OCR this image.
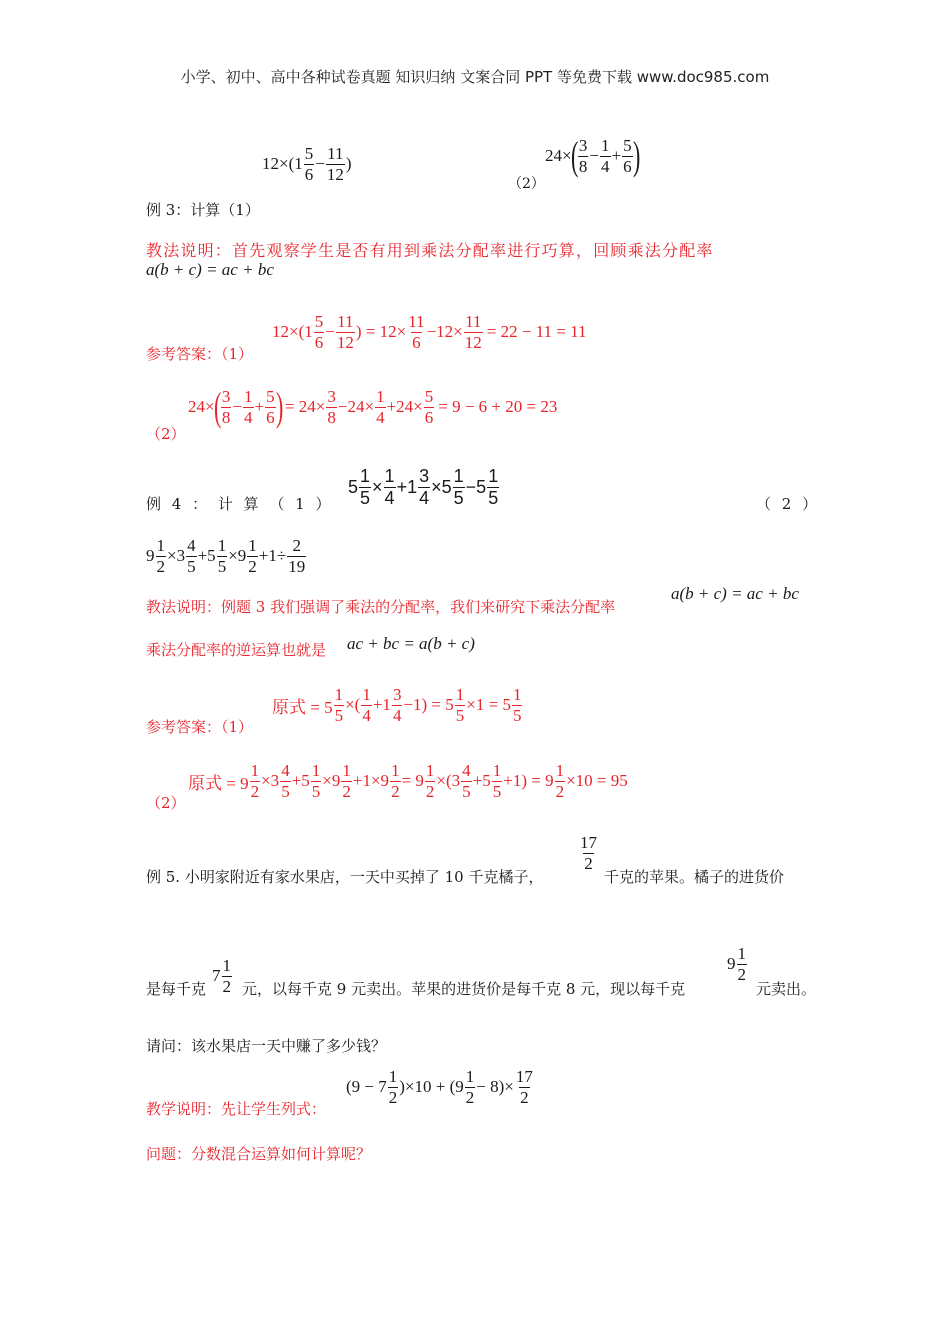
小学、初中、高中各种试卷真题 知识归纳 文案合同 PPT 等免费下载 www.doc985.com
$12\times(1 \frac{5}{6} - \frac{11}{12}$ )	24×
( $\frac{3}{8} - \frac{1}{4} + \frac{5}{6}$ )
（2）
例 3：计算（1）
教法说明：首先观察学生是否有用到乘法分配率进行巧算，回顾乘法分配率
a(b + c) = ac + bc
$12\times(1 \frac{5}{6} - \frac{11}{12}$ ) = $12\times \frac{11}{6} -12\times \frac{11}{12} = 22 - 11 = 11$
参考答案：（1）
24×
( $\frac{3}{8} - \frac{1}{4} + \frac{5}{6}$ ) = $24\times \frac{3}{8} -24\times \frac{1}{4} +24\times \frac{5}{6} = 9 - 6 + 20 = 23$
（2）
$5 \frac{1}{5} \times \frac{1}{4} +1 \frac{3}{4} \times 5 \frac{1}{5} -5 \frac{1}{5}$
例 4 ： 计 算 （ 1 ）	（ 2 ）
$9 \frac{1}{2} \times 3 \frac{4}{5} +5 \frac{1}{5} \times 9 \frac{1}{2} +1\div \frac{2}{19}$
教法说明：例题 3 我们强调了乘法的分配率，我们来研究下乘法分配率
a(b + c) = ac + bc
乘法分配率的逆运算也就是 ac + bc = a(b + c)
原式 = $5 \frac{1}{5}$ ×( $\frac{1}{4} +1 \frac{3}{4} -1) = 5 \frac{1}{5} \times 1 = 5 \frac{1}{5}$
参考答案：（1）
原式 = $9 \frac{1}{2} \times 3 \frac{4}{5} +5 \frac{1}{5} \times 9 \frac{1}{2} +1\times 9 \frac{1}{2} = 9 \frac{1}{2} \times(3 \frac{4}{5} +5 \frac{1}{5} +1) = 9 \frac{1}{2} \times 10 = 95$
（2）
例 5. 小明家附近有家水果店，一天中买掉了 10 千克橘子，
$\frac{17}{2}$
千克的苹果。橘子的进货价
是每千克
$7 \frac{1}{2}$ 元，以每千克 9 元卖出。苹果的进货价是每千克 8 元，现以每千克
$9 \frac{1}{2}$
元卖出。
请问：该水果店一天中赚了多少钱？
教学说明：先让学生列式：
$(9 - 7 \frac{1}{2} )\times 10 + (9 \frac{1}{2} - 8)\times \frac{17}{2}$
问题：分数混合运算如何计算呢？
